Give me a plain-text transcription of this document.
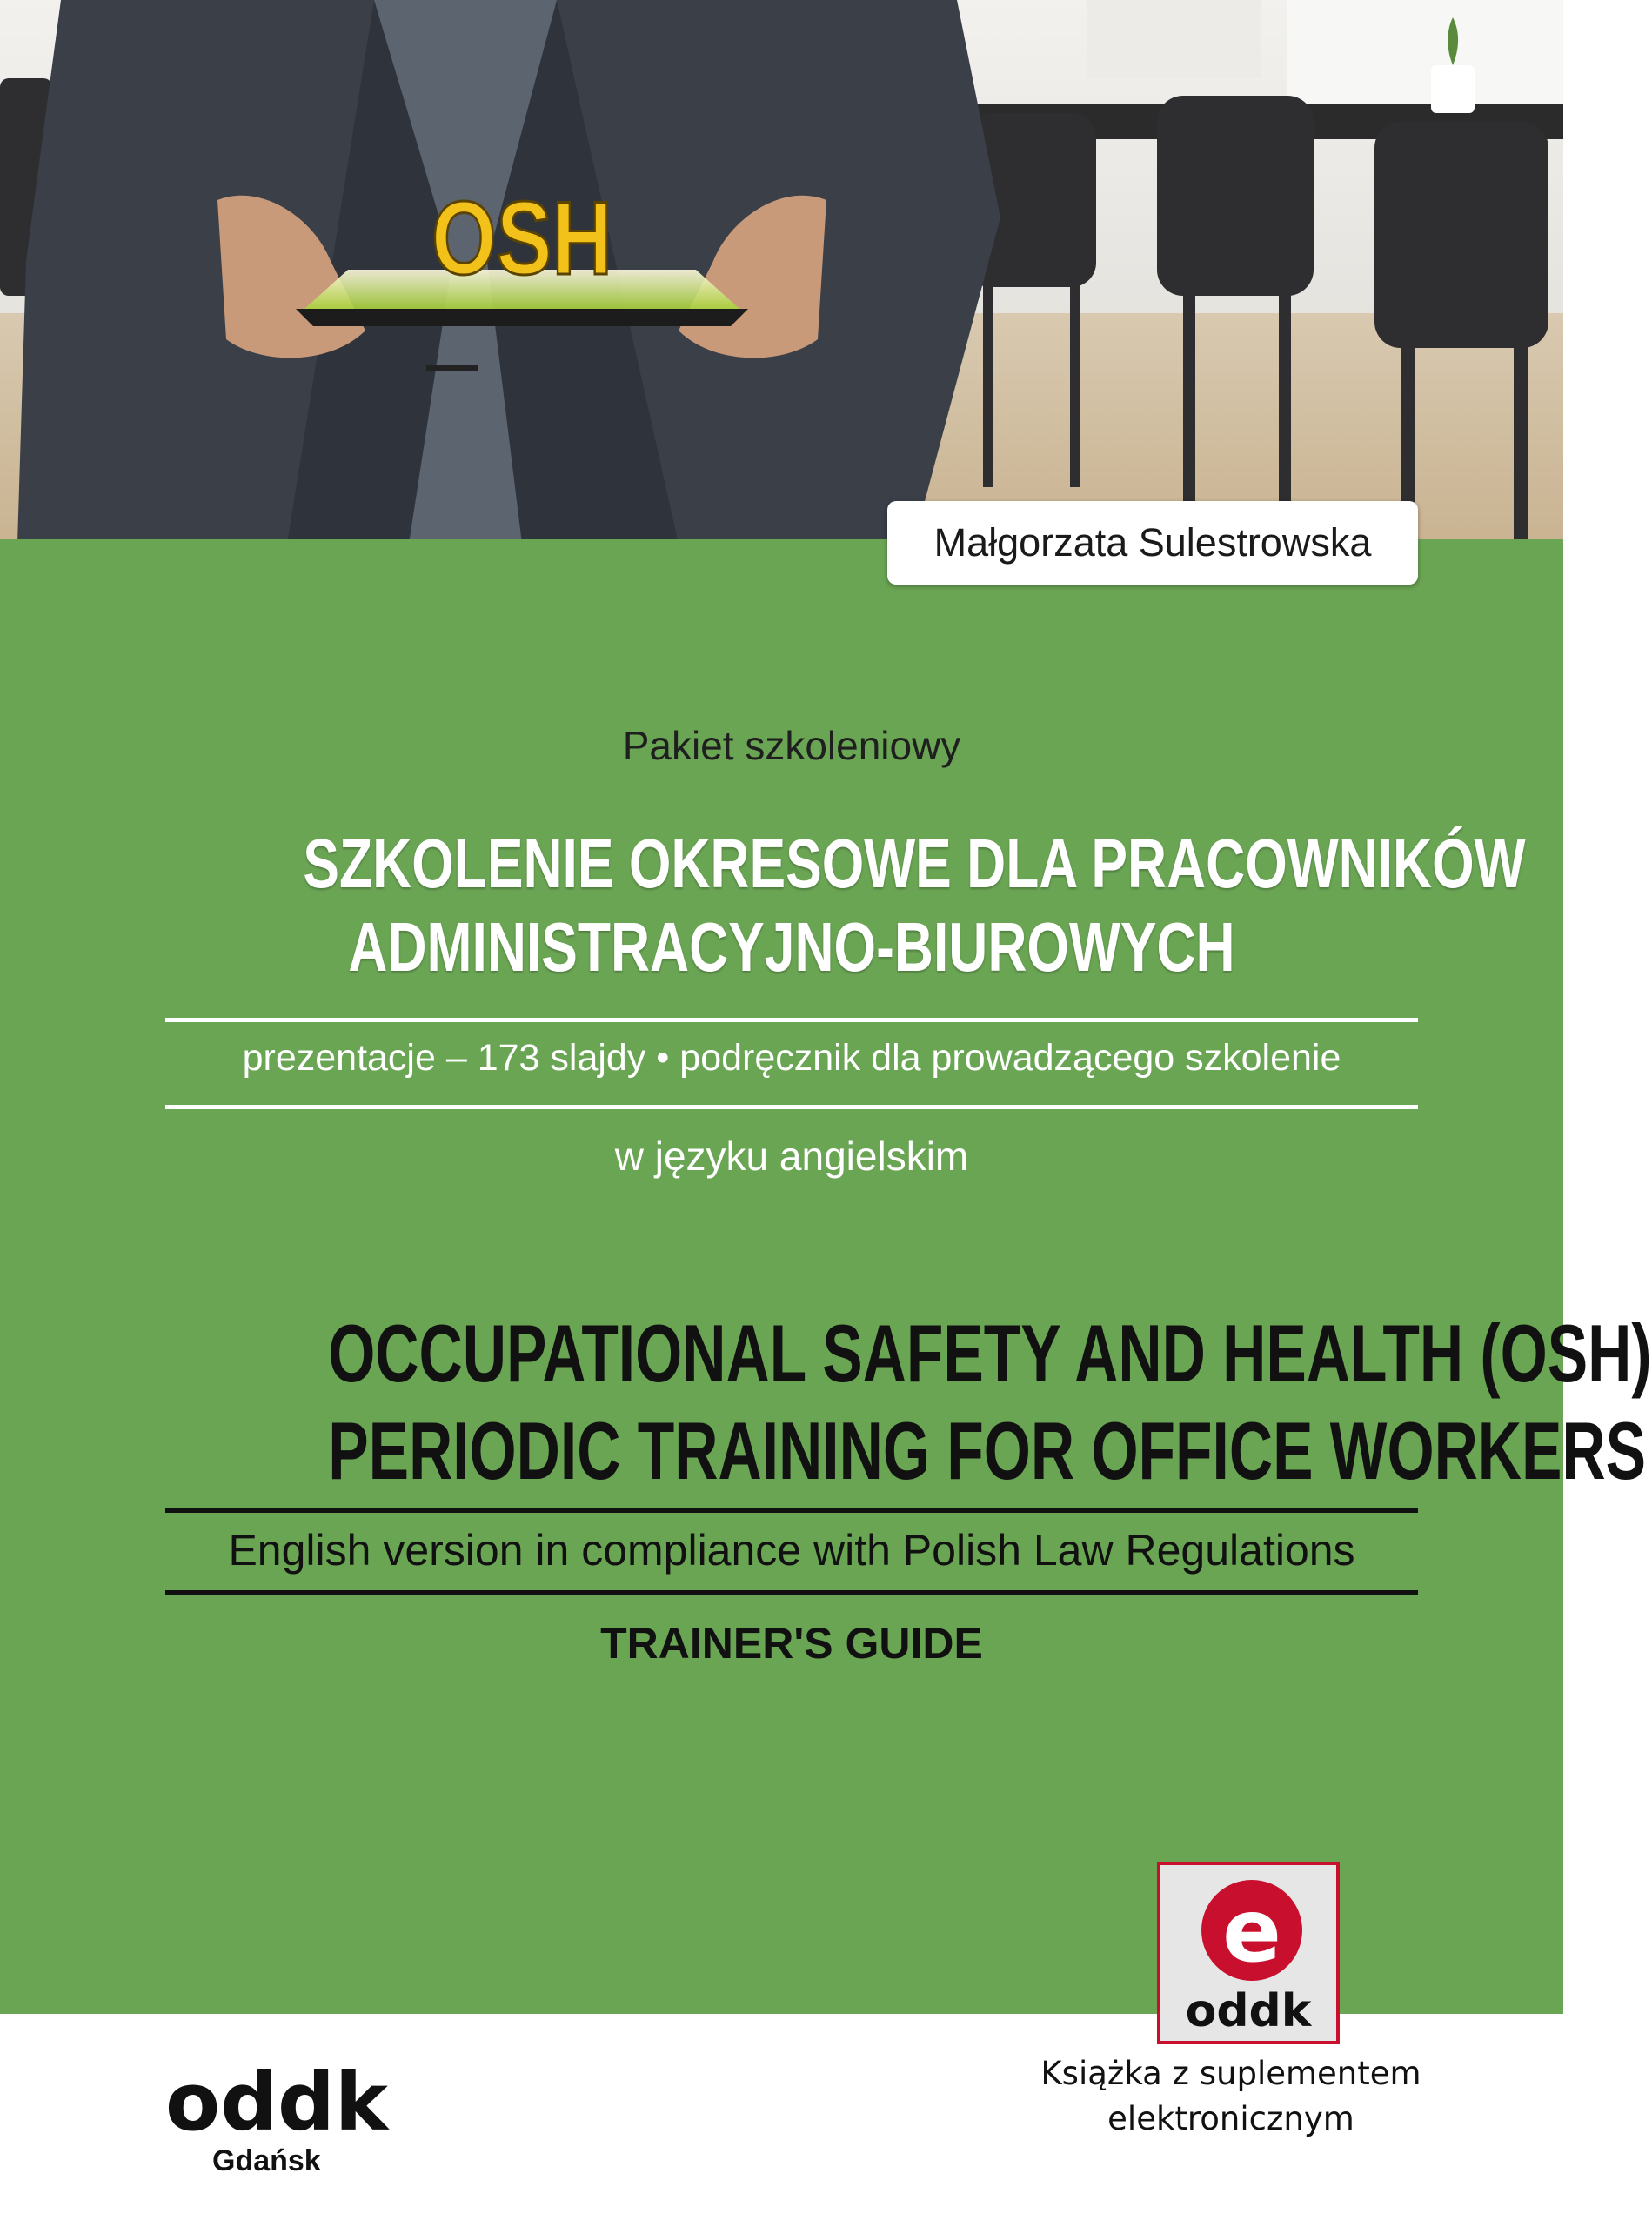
OSH
Małgorzata Sulestrowska
Pakiet szkoleniowy
SZKOLENIE OKRESOWE DLA PRACOWNIKÓW
ADMINISTRACYJNO-BIUROWYCH
prezentacje – 173 slajdy • podręcznik dla prowadzącego szkolenie
w języku angielskim
OCCUPATIONAL SAFETY AND HEALTH (OSH)
PERIODIC TRAINING FOR OFFICE WORKERS
English version in compliance with Polish Law Regulations
TRAINER'S GUIDE
e
oddk
Książka z suplementem
elektronicznym
oddk
Gdańsk
